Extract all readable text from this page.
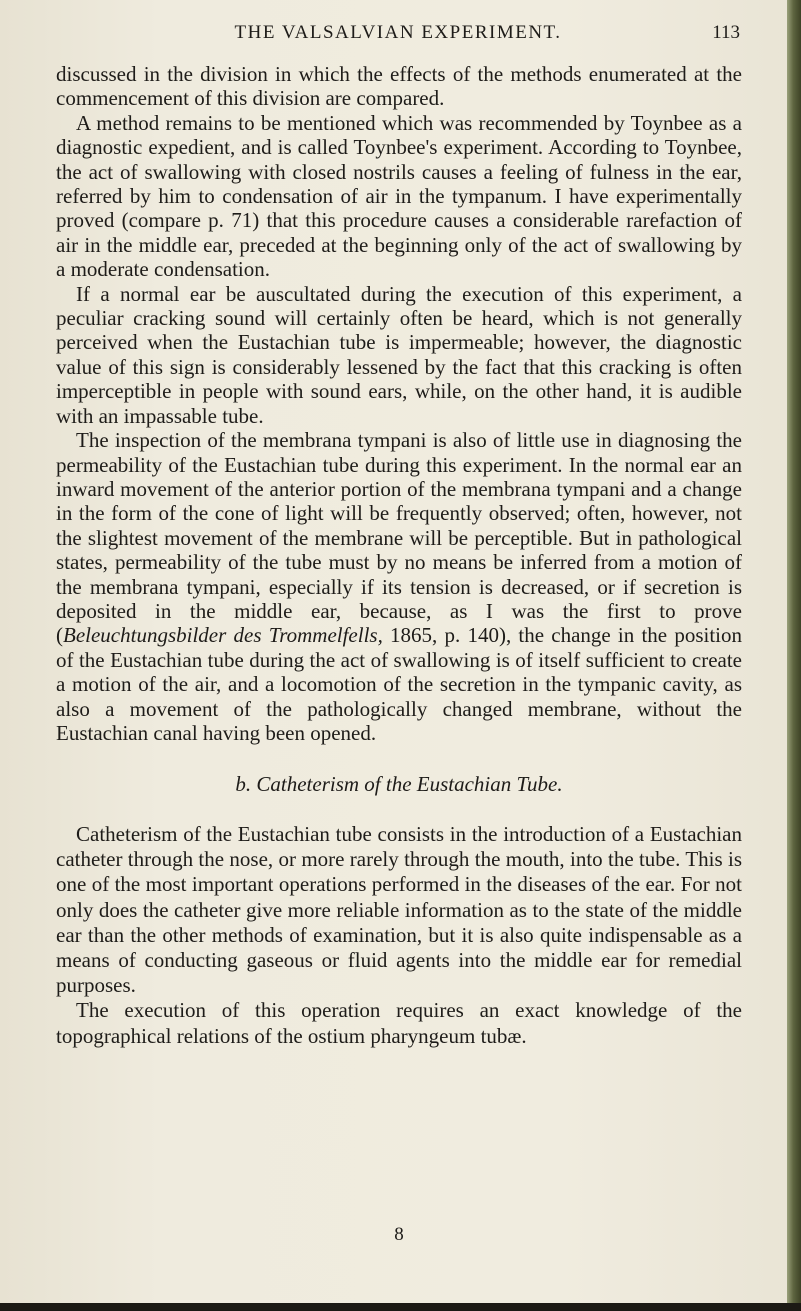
THE VALSALVIAN EXPERIMENT.	113

discussed in the division in which the effects of the methods enumerated at the commencement of this division are compared.

A method remains to be mentioned which was recommended by Toynbee as a diagnostic expedient, and is called Toynbee's experiment. According to Toynbee, the act of swallowing with closed nostrils causes a feeling of fulness in the ear, referred by him to condensation of air in the tympanum. I have experimentally proved (compare p. 71) that this procedure causes a considerable rarefaction of air in the middle ear, preceded at the beginning only of the act of swallowing by a moderate condensation.

If a normal ear be auscultated during the execution of this experiment, a peculiar cracking sound will certainly often be heard, which is not generally perceived when the Eustachian tube is impermeable; however, the diagnostic value of this sign is considerably lessened by the fact that this cracking is often imperceptible in people with sound ears, while, on the other hand, it is audible with an impassable tube.

The inspection of the membrana tympani is also of little use in diagnosing the permeability of the Eustachian tube during this experiment. In the normal ear an inward movement of the anterior portion of the membrana tympani and a change in the form of the cone of light will be frequently observed; often, however, not the slightest movement of the membrane will be perceptible. But in pathological states, permeability of the tube must by no means be inferred from a motion of the membrana tympani, especially if its tension is decreased, or if secretion is deposited in the middle ear, because, as I was the first to prove (Beleuchtungsbilder des Trommelfells, 1865, p. 140), the change in the position of the Eustachian tube during the act of swallowing is of itself sufficient to create a motion of the air, and a locomotion of the secretion in the tympanic cavity, as also a movement of the pathologically changed membrane, without the Eustachian canal having been opened.

b. Catheterism of the Eustachian Tube.

Catheterism of the Eustachian tube consists in the introduction of a Eustachian catheter through the nose, or more rarely through the mouth, into the tube. This is one of the most important operations performed in the diseases of the ear. For not only does the catheter give more reliable information as to the state of the middle ear than the other methods of examination, but it is also quite indispensable as a means of conducting gaseous or fluid agents into the middle ear for remedial purposes.

The execution of this operation requires an exact knowledge of the topographical relations of the ostium pharyngeum tubæ.

8
